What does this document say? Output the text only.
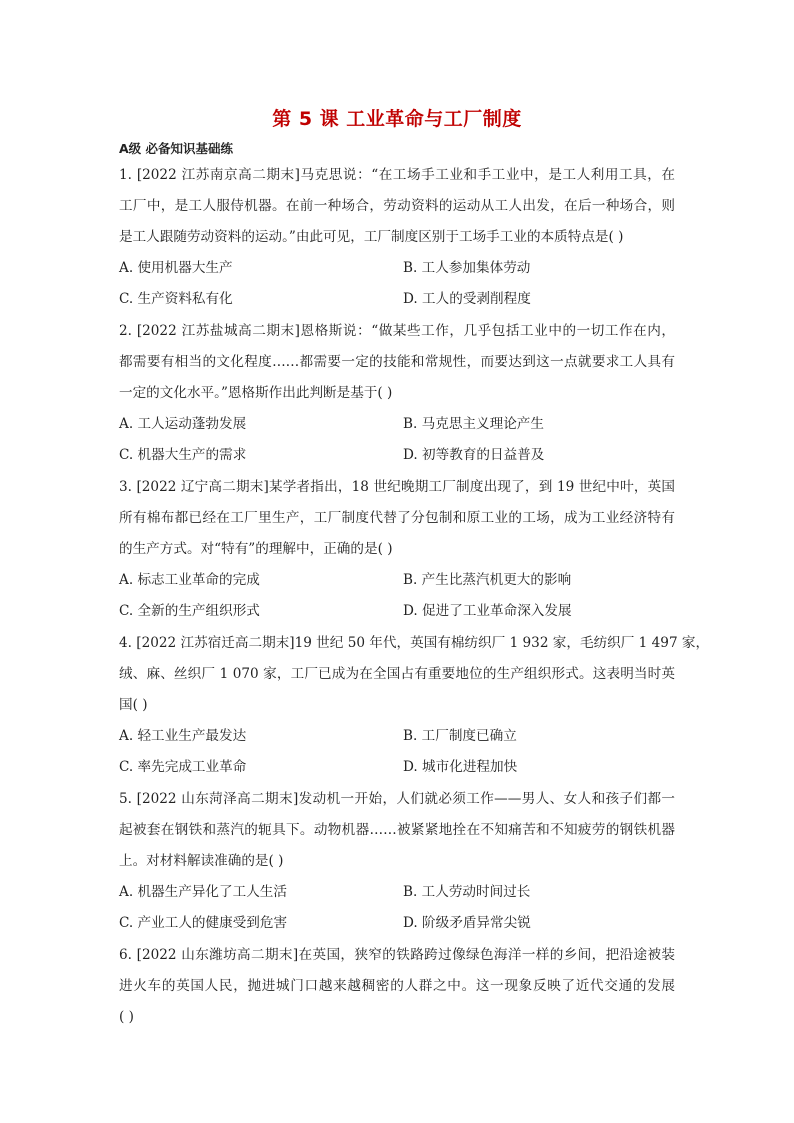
第 5 课 工业革命与工厂制度
A级 必备知识基础练
1. [2022 江苏南京高二期末]马克思说：“在工场手工业和手工业中，是工人利用工具，在
工厂中，是工人服侍机器。在前一种场合，劳动资料的运动从工人出发，在后一种场合，则
是工人跟随劳动资料的运动。”由此可见，工厂制度区别于工场手工业的本质特点是( )
A. 使用机器大生产	B. 工人参加集体劳动
C. 生产资料私有化	D. 工人的受剥削程度
2. [2022 江苏盐城高二期末]恩格斯说：“做某些工作，几乎包括工业中的一切工作在内，
都需要有相当的文化程度……都需要一定的技能和常规性，而要达到这一点就要求工人具有
一定的文化水平。”恩格斯作出此判断是基于( )
A. 工人运动蓬勃发展	B. 马克思主义理论产生
C. 机器大生产的需求	D. 初等教育的日益普及
3. [2022 辽宁高二期末]某学者指出，18 世纪晚期工厂制度出现了，到 19 世纪中叶，英国
所有棉布都已经在工厂里生产，工厂制度代替了分包制和原工业的工场，成为工业经济特有
的生产方式。对“特有”的理解中，正确的是( )
A. 标志工业革命的完成	B. 产生比蒸汽机更大的影响
C. 全新的生产组织形式	D. 促进了工业革命深入发展
4. [2022 江苏宿迁高二期末]19 世纪 50 年代，英国有棉纺织厂 1 932 家，毛纺织厂 1 497 家，
绒、麻、丝织厂 1 070 家，工厂已成为在全国占有重要地位的生产组织形式。这表明当时英
国( )
A. 轻工业生产最发达	B. 工厂制度已确立
C. 率先完成工业革命	D. 城市化进程加快
5. [2022 山东菏泽高二期末]发动机一开始，人们就必须工作——男人、女人和孩子们都一
起被套在钢铁和蒸汽的轭具下。动物机器……被紧紧地拴在不知痛苦和不知疲劳的钢铁机器
上。对材料解读准确的是( )
A. 机器生产异化了工人生活	B. 工人劳动时间过长
C. 产业工人的健康受到危害	D. 阶级矛盾异常尖锐
6. [2022 山东潍坊高二期末]在英国，狭窄的铁路跨过像绿色海洋一样的乡间，把沿途被装
进火车的英国人民，抛进城门口越来越稠密的人群之中。这一现象反映了近代交通的发展
( )
